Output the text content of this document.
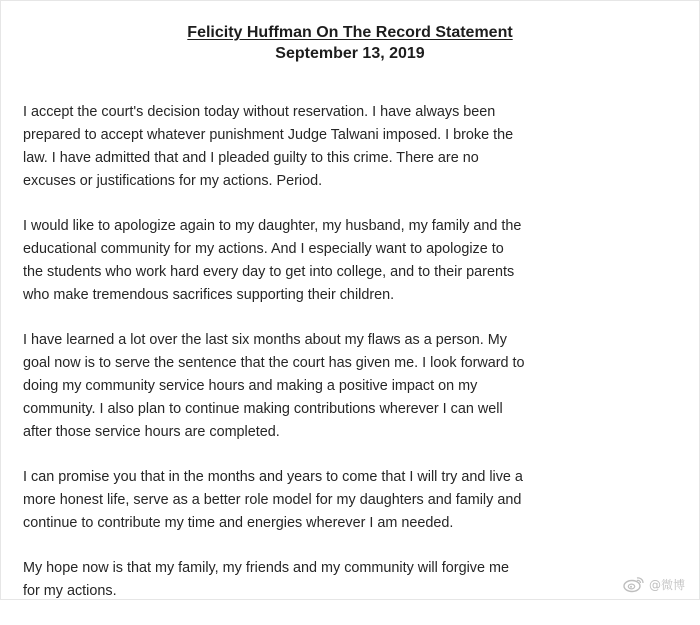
Felicity Huffman On The Record Statement
September 13, 2019
I accept the court's decision today without reservation. I have always been
prepared to accept whatever punishment Judge Talwani imposed. I broke the
law. I have admitted that and I pleaded guilty to this crime. There are no
excuses or justifications for my actions. Period.
I would like to apologize again to my daughter, my husband, my family and the
educational community for my actions. And I especially want to apologize to
the students who work hard every day to get into college, and to their parents
who make tremendous sacrifices supporting their children.
I have learned a lot over the last six months about my flaws as a person. My
goal now is to serve the sentence that the court has given me. I look forward to
doing my community service hours and making a positive impact on my
community. I also plan to continue making contributions wherever I can well
after those service hours are completed.
I can promise you that in the months and years to come that I will try and live a
more honest life, serve as a better role model for my daughters and family and
continue to contribute my time and energies wherever I am needed.
My hope now is that my family, my friends and my community will forgive me
for my actions.	@微博
